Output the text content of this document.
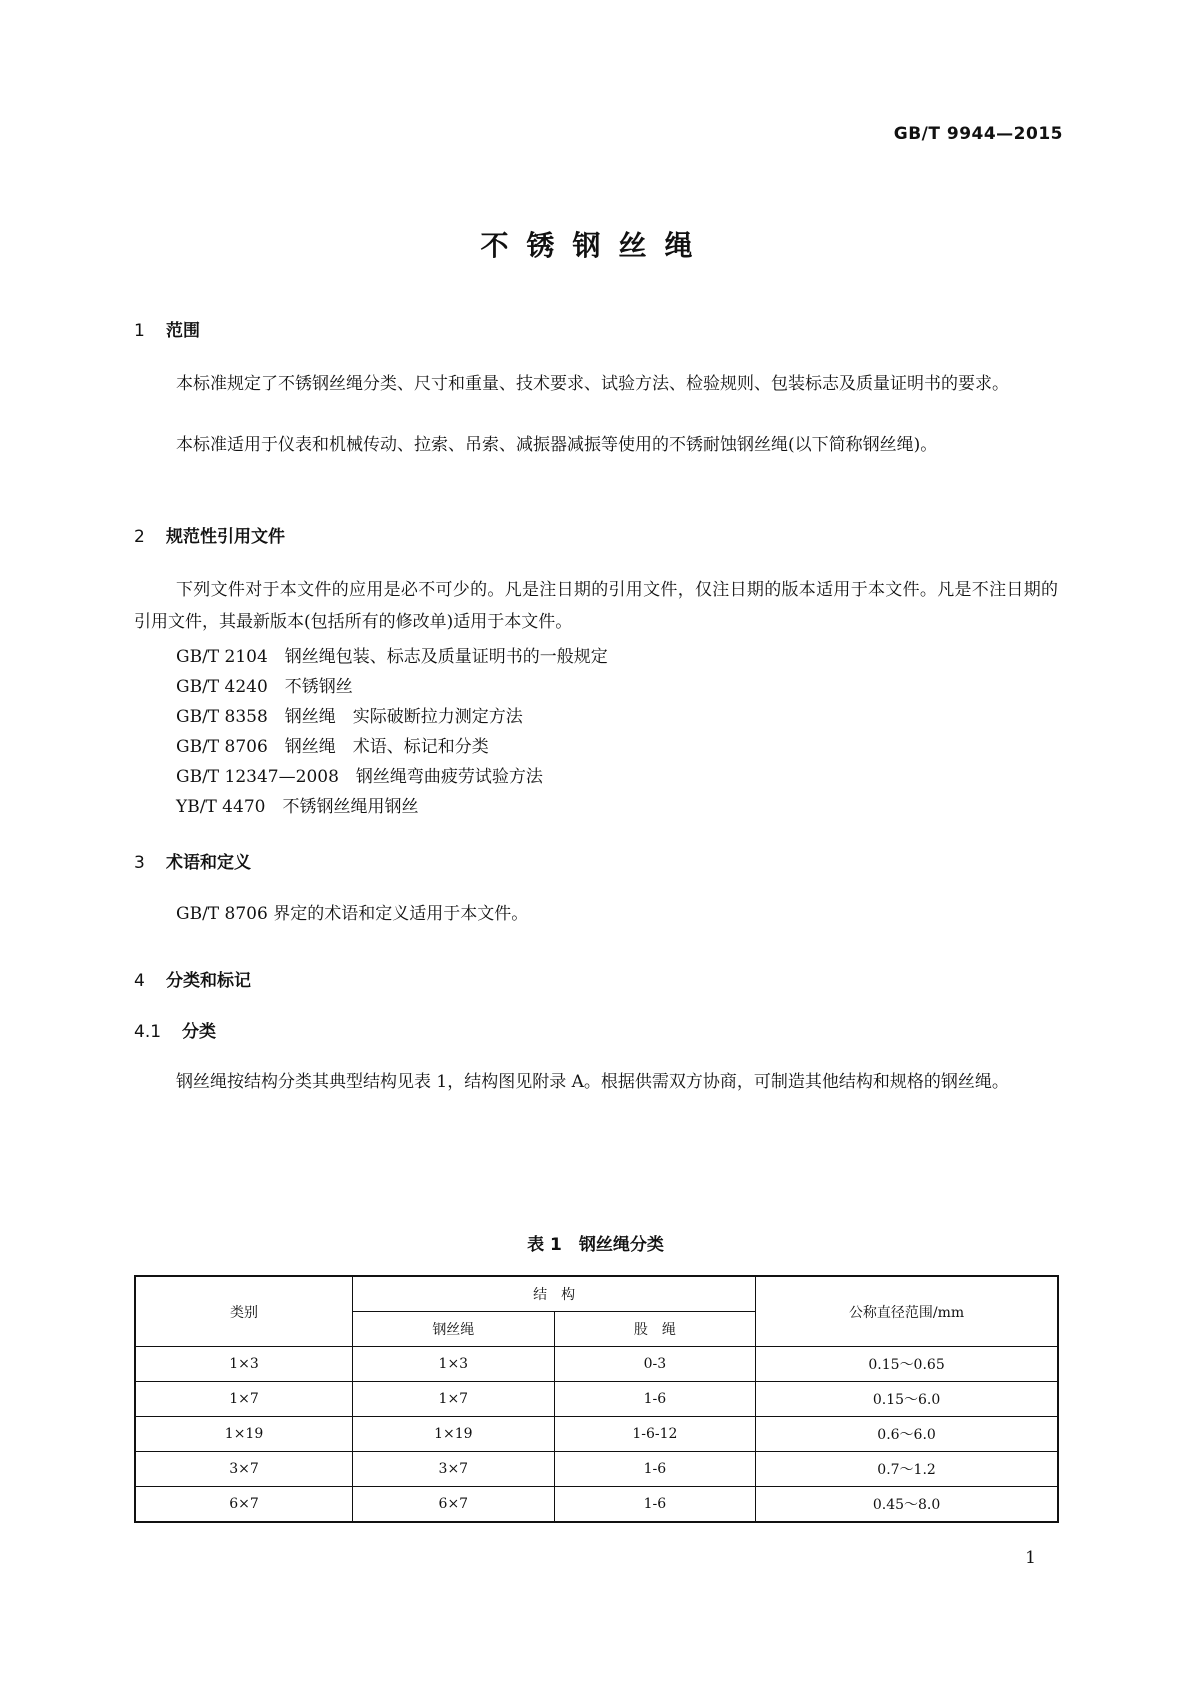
GB/T 9944—2015
不锈钢丝绳
1 范围
本标准规定了不锈钢丝绳分类、尺寸和重量、技术要求、试验方法、检验规则、包装标志及质量证明书的要求。
本标准适用于仪表和机械传动、拉索、吊索、减振器减振等使用的不锈耐蚀钢丝绳(以下简称钢丝绳)。
2 规范性引用文件
下列文件对于本文件的应用是必不可少的。凡是注日期的引用文件，仅注日期的版本适用于本文件。凡是不注日期的引用文件，其最新版本(包括所有的修改单)适用于本文件。
GB/T 2104　钢丝绳包装、标志及质量证明书的一般规定
GB/T 4240　不锈钢丝
GB/T 8358　钢丝绳　实际破断拉力测定方法
GB/T 8706　钢丝绳　术语、标记和分类
GB/T 12347—2008　钢丝绳弯曲疲劳试验方法
YB/T 4470　不锈钢丝绳用钢丝
3 术语和定义
GB/T 8706 界定的术语和定义适用于本文件。
4 分类和标记
4.1 分类
钢丝绳按结构分类其典型结构见表 1，结构图见附录 A。根据供需双方协商，可制造其他结构和规格的钢丝绳。
表 1　钢丝绳分类
类别	结　构		公称直径范围/mm
	钢丝绳	股　绳	
1×3	1×3	0-3	0.15～0.65
1×7	1×7	1-6	0.15～6.0
1×19	1×19	1-6-12	0.6～6.0
3×7	3×7	1-6	0.7～1.2
6×7	6×7	1-6	0.45～8.0
1
